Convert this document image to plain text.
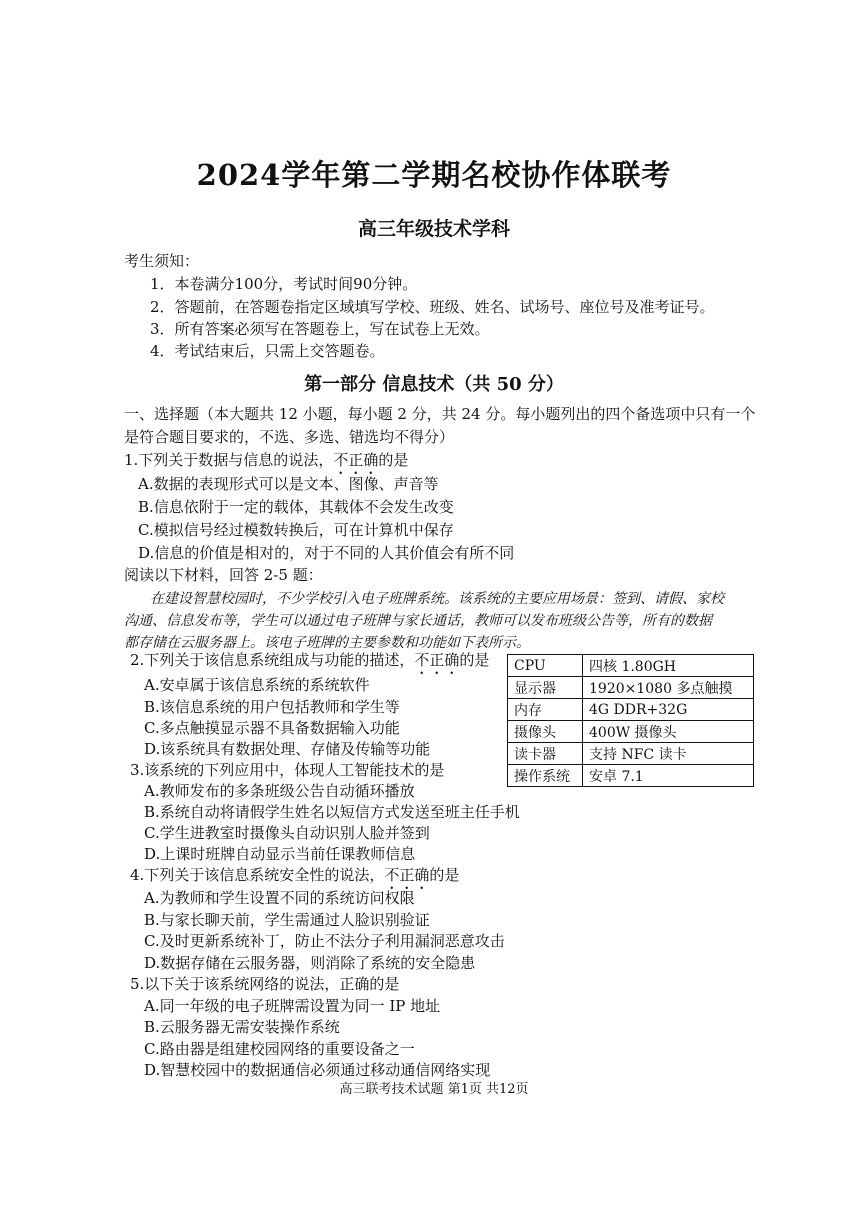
2024学年第二学期名校协作体联考
高三年级技术学科
考生须知：
1．本卷满分100分，考试时间90分钟。
2．答题前，在答题卷指定区域填写学校、班级、姓名、试场号、座位号及准考证号。
3．所有答案必须写在答题卷上，写在试卷上无效。
4．考试结束后，只需上交答题卷。
第一部分 信息技术（共 50 分）
一、选择题（本大题共 12 小题，每小题 2 分，共 24 分。每小题列出的四个备选项中只有一个
是符合题目要求的，不选、多选、错选均不得分）
1.下列关于数据与信息的说法，不正确的是
A.数据的表现形式可以是文本、图像、声音等
B.信息依附于一定的载体，其载体不会发生改变
C.模拟信号经过模数转换后，可在计算机中保存
D.信息的价值是相对的，对于不同的人其价值会有所不同
阅读以下材料，回答 2-5 题：
在建设智慧校园时，不少学校引入电子班牌系统。该系统的主要应用场景：签到、请假、家校
沟通、信息发布等，学生可以通过电子班牌与家长通话，教师可以发布班级公告等，所有的数据
都存储在云服务器上。该电子班牌的主要参数和功能如下表所示。
CPU	四核 1.80GH
显示器	1920×1080 多点触摸
内存	4G DDR+32G
摄像头	400W 摄像头
读卡器	支持 NFC 读卡
操作系统	安卓 7.1
2.下列关于该信息系统组成与功能的描述，不正确的是
A.安卓属于该信息系统的系统软件
B.该信息系统的用户包括教师和学生等
C.多点触摸显示器不具备数据输入功能
D.该系统具有数据处理、存储及传输等功能
3.该系统的下列应用中，体现人工智能技术的是
A.教师发布的多条班级公告自动循环播放
B.系统自动将请假学生姓名以短信方式发送至班主任手机
C.学生进教室时摄像头自动识别人脸并签到
D.上课时班牌自动显示当前任课教师信息
4.下列关于该信息系统安全性的说法，不正确的是
A.为教师和学生设置不同的系统访问权限
B.与家长聊天前，学生需通过人脸识别验证
C.及时更新系统补丁，防止不法分子利用漏洞恶意攻击
D.数据存储在云服务器，则消除了系统的安全隐患
5.以下关于该系统网络的说法，正确的是
A.同一年级的电子班牌需设置为同一 IP 地址
B.云服务器无需安装操作系统
C.路由器是组建校园网络的重要设备之一
D.智慧校园中的数据通信必须通过移动通信网络实现
高三联考技术试题 第1页 共12页
